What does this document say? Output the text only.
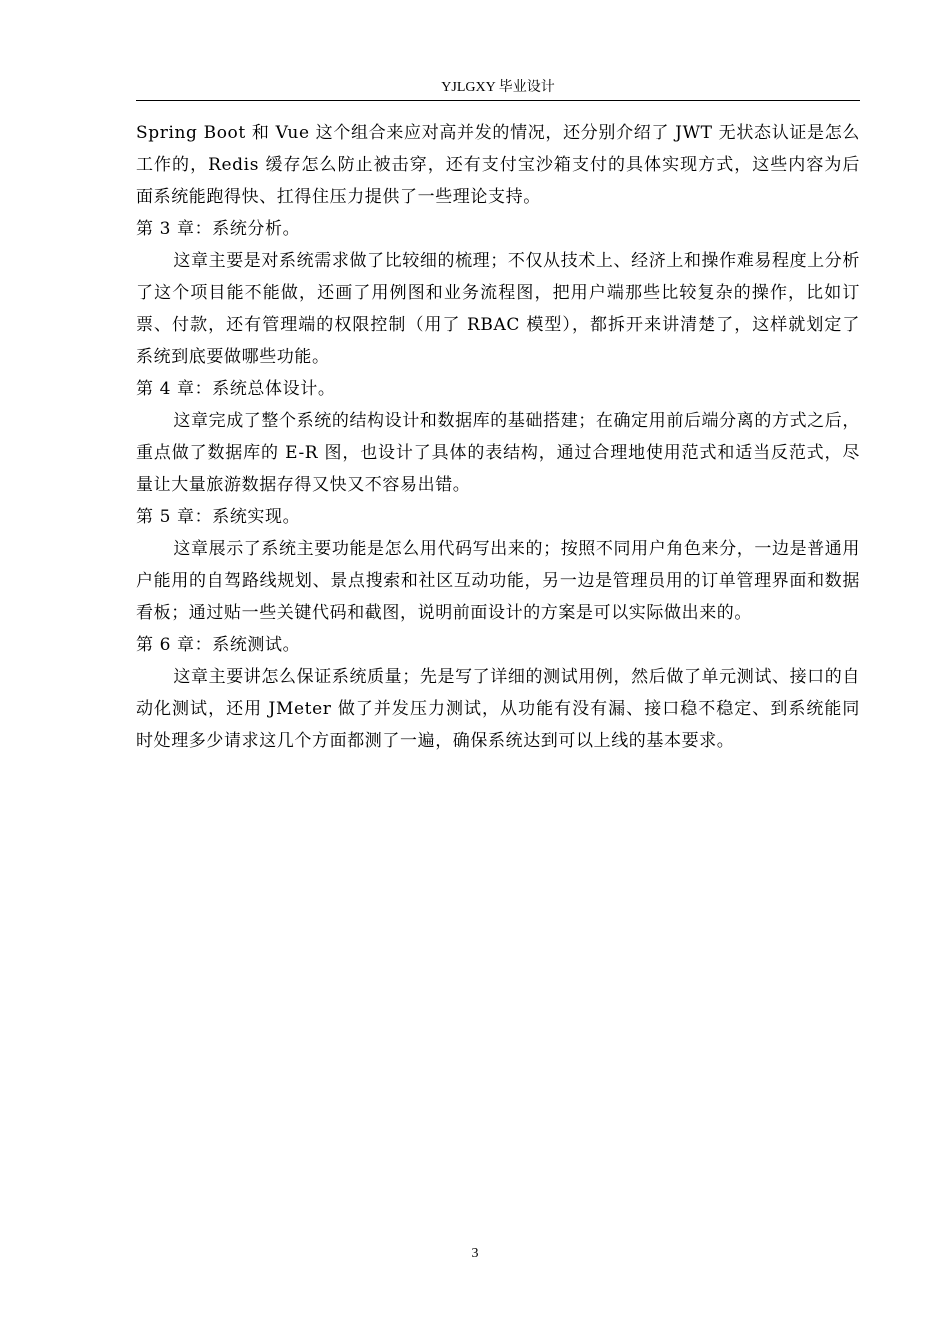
YJLGXY 毕业设计

Spring Boot 和 Vue 这个组合来应对高并发的情况，还分别介绍了 JWT 无状态认证是怎么工作的，Redis 缓存怎么防止被击穿，还有支付宝沙箱支付的具体实现方式，这些内容为后面系统能跑得快、扛得住压力提供了一些理论支持。

第 3 章：系统分析。

这章主要是对系统需求做了比较细的梳理；不仅从技术上、经济上和操作难易程度上分析了这个项目能不能做，还画了用例图和业务流程图，把用户端那些比较复杂的操作，比如订票、付款，还有管理端的权限控制（用了 RBAC 模型），都拆开来讲清楚了，这样就划定了系统到底要做哪些功能。

第 4 章：系统总体设计。

这章完成了整个系统的结构设计和数据库的基础搭建；在确定用前后端分离的方式之后，重点做了数据库的 E-R 图，也设计了具体的表结构，通过合理地使用范式和适当反范式，尽量让大量旅游数据存得又快又不容易出错。

第 5 章：系统实现。

这章展示了系统主要功能是怎么用代码写出来的；按照不同用户角色来分，一边是普通用户能用的自驾路线规划、景点搜索和社区互动功能，另一边是管理员用的订单管理界面和数据看板；通过贴一些关键代码和截图，说明前面设计的方案是可以实际做出来的。

第 6 章：系统测试。

这章主要讲怎么保证系统质量；先是写了详细的测试用例，然后做了单元测试、接口的自动化测试，还用 JMeter 做了并发压力测试，从功能有没有漏、接口稳不稳定、到系统能同时处理多少请求这几个方面都测了一遍，确保系统达到可以上线的基本要求。

3
